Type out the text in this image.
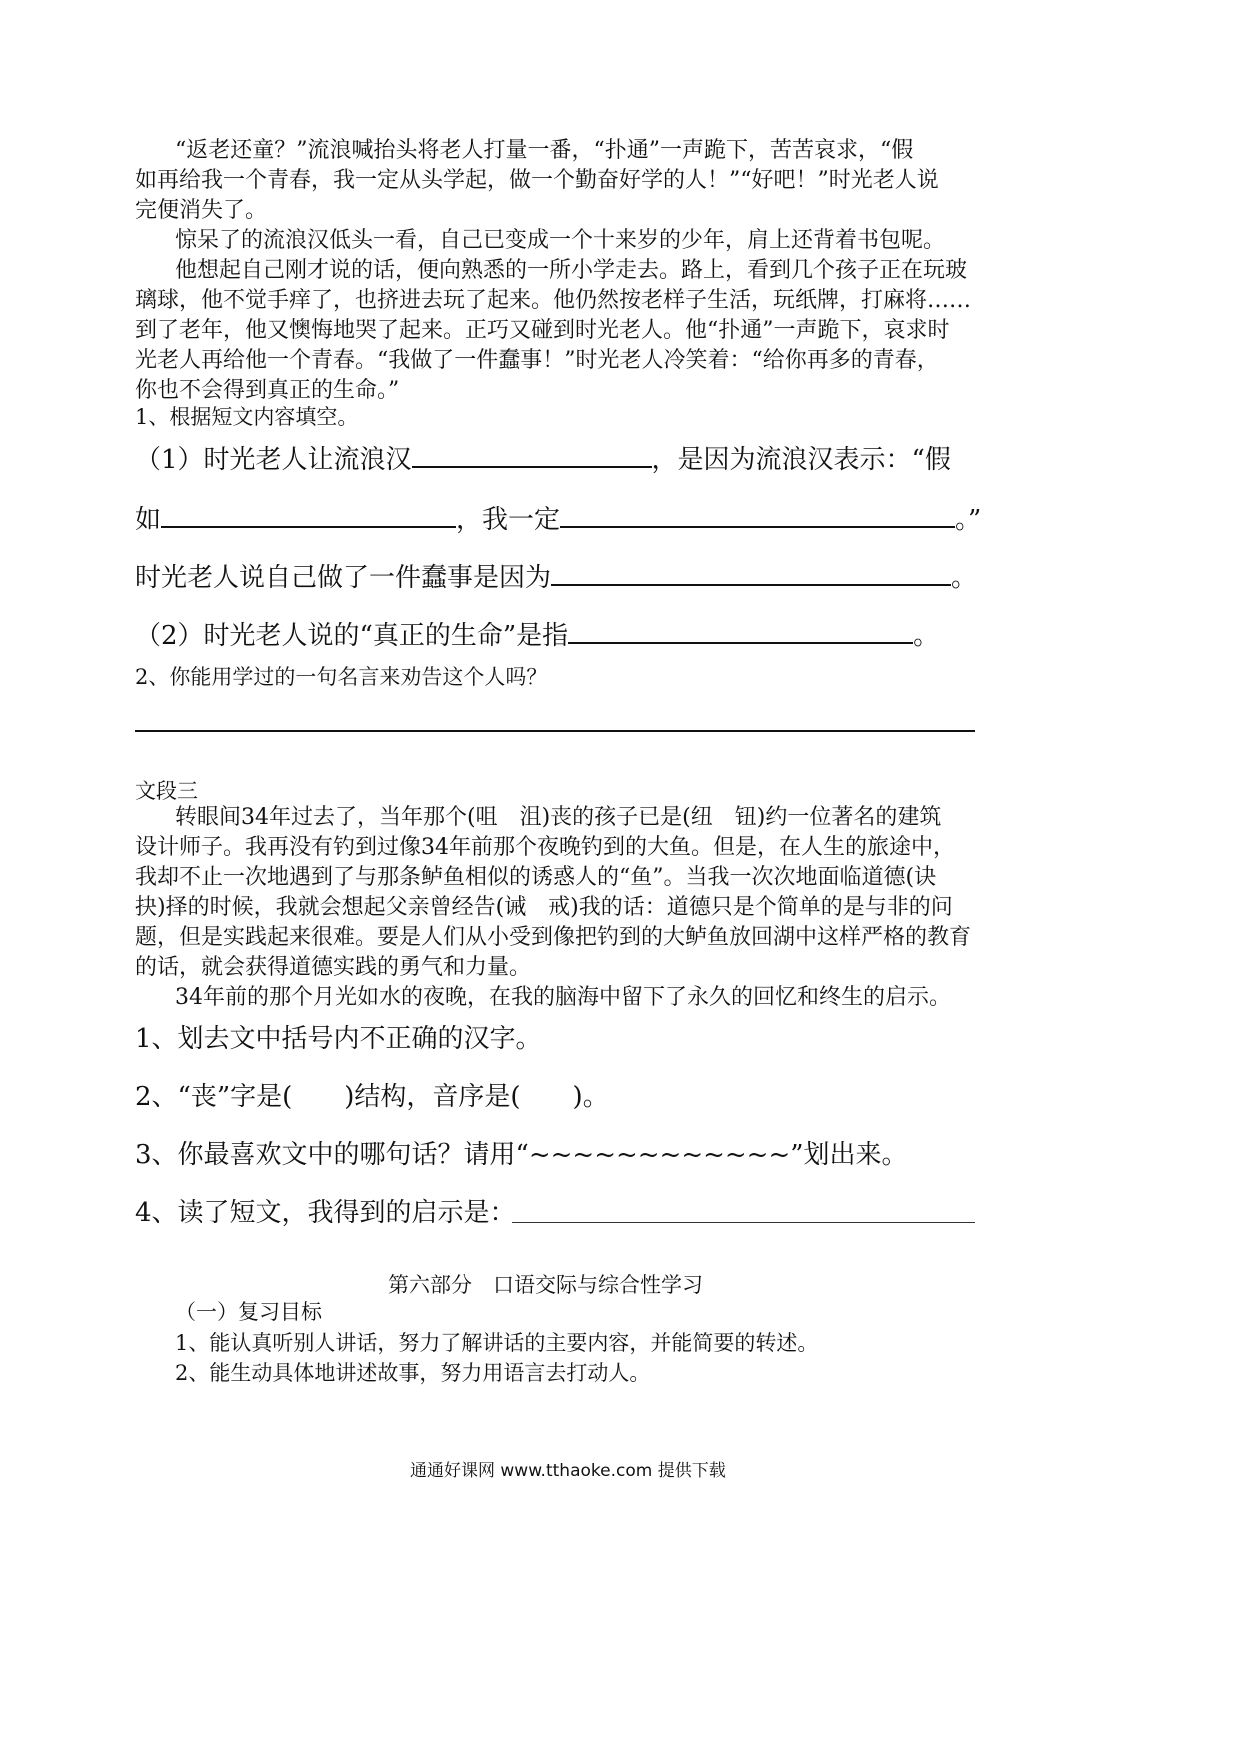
“返老还童？”流浪喊抬头将老人打量一番，“扑通”一声跪下，苦苦哀求，“假
如再给我一个青春，我一定从头学起，做一个勤奋好学的人！”“好吧！”时光老人说
完便消失了。
惊呆了的流浪汉低头一看，自己已变成一个十来岁的少年，肩上还背着书包呢。
他想起自己刚才说的话，便向熟悉的一所小学走去。路上，看到几个孩子正在玩玻
璃球，他不觉手痒了，也挤进去玩了起来。他仍然按老样子生活，玩纸牌，打麻将……
到了老年，他又懊悔地哭了起来。正巧又碰到时光老人。他“扑通”一声跪下，哀求时
光老人再给他一个青春。“我做了一件蠢事！”时光老人冷笑着：“给你再多的青春，
你也不会得到真正的生命。”
1、根据短文内容填空。
（1）时光老人让流浪汉	，是因为流浪汉表示：“假
如	，我一定	。”
时光老人说自己做了一件蠢事是因为	。
（2）时光老人说的“真正的生命”是指	。
2、你能用学过的一句名言来劝告这个人吗？
文段三
转眼间34年过去了，当年那个(咀　沮)丧的孩子已是(纽　钮)约一位著名的建筑
设计师子。我再没有钓到过像34年前那个夜晚钓到的大鱼。但是，在人生的旅途中，
我却不止一次地遇到了与那条鲈鱼相似的诱惑人的“鱼”。当我一次次地面临道德(诀
抉)择的时候，我就会想起父亲曾经告(诫　戒)我的话：道德只是个简单的是与非的问
题，但是实践起来很难。要是人们从小受到像把钓到的大鲈鱼放回湖中这样严格的教育
的话，就会获得道德实践的勇气和力量。
34年前的那个月光如水的夜晚，在我的脑海中留下了永久的回忆和终生的启示。
1、划去文中括号内不正确的汉字。
2、“丧”字是(　　)结构，音序是(　　)。
3、你最喜欢文中的哪句话？请用“~~~~~~~~~~~~”划出来。
4、读了短文，我得到的启示是：
第六部分　口语交际与综合性学习
（一）复习目标
1、能认真听别人讲话，努力了解讲话的主要内容，并能简要的转述。
2、能生动具体地讲述故事，努力用语言去打动人。
通通好课网 www.tthaoke.com 提供下载
